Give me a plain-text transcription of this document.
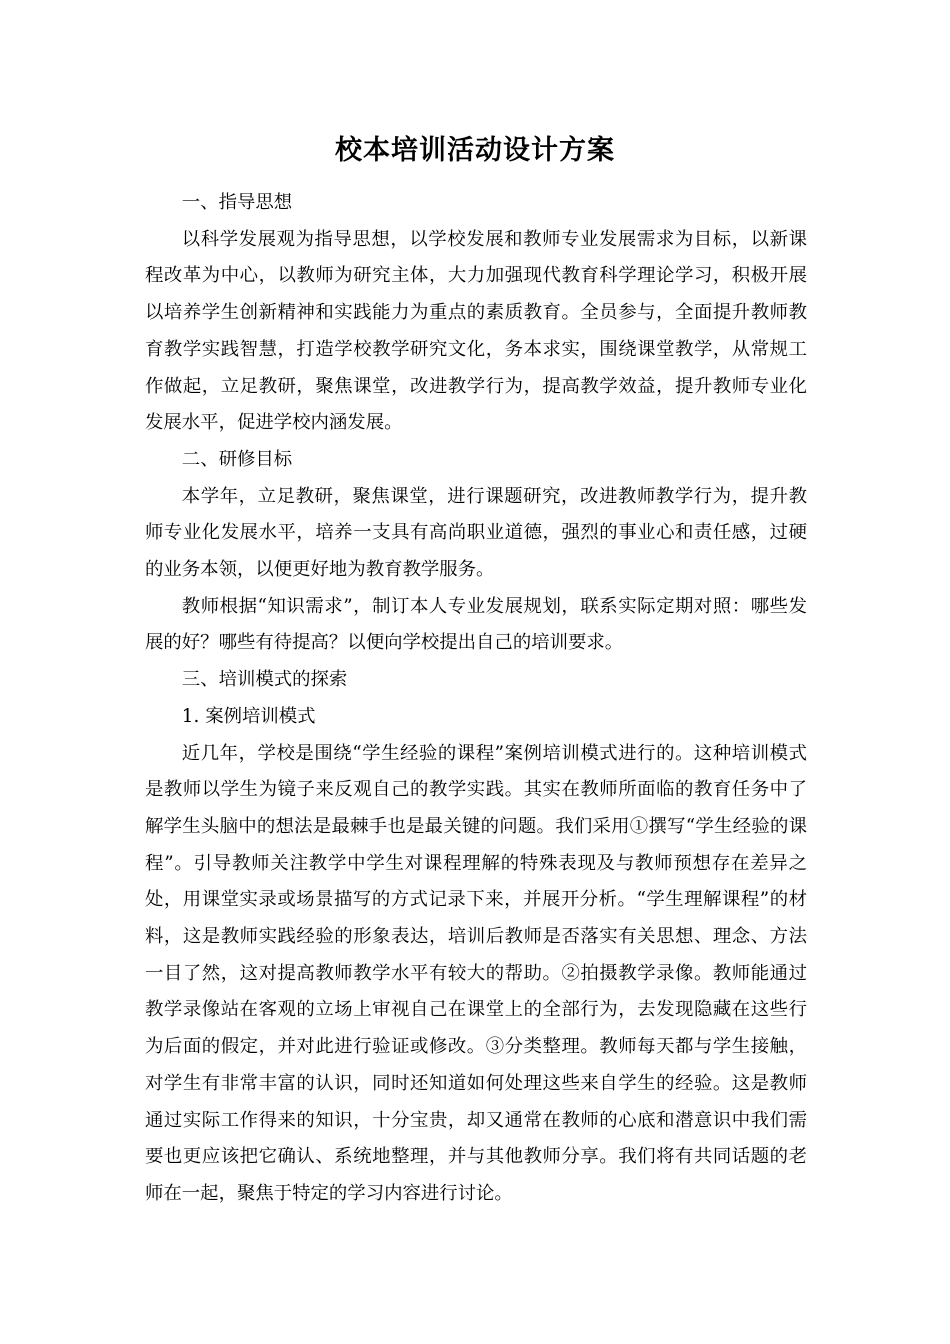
校本培训活动设计方案

一、指导思想

以科学发展观为指导思想，以学校发展和教师专业发展需求为目标，以新课程改革为中心，以教师为研究主体，大力加强现代教育科学理论学习，积极开展以培养学生创新精神和实践能力为重点的素质教育。全员参与，全面提升教师教育教学实践智慧，打造学校教学研究文化，务本求实，围绕课堂教学，从常规工作做起，立足教研，聚焦课堂，改进教学行为，提高教学效益，提升教师专业化发展水平，促进学校内涵发展。

二、研修目标

本学年，立足教研，聚焦课堂，进行课题研究，改进教师教学行为，提升教师专业化发展水平，培养一支具有高尚职业道德，强烈的事业心和责任感，过硬的业务本领，以便更好地为教育教学服务。

教师根据“知识需求”，制订本人专业发展规划，联系实际定期对照：哪些发展的好？哪些有待提高？以便向学校提出自己的培训要求。

三、培训模式的探索

1. 案例培训模式

近几年，学校是围绕“学生经验的课程”案例培训模式进行的。这种培训模式是教师以学生为镜子来反观自己的教学实践。其实在教师所面临的教育任务中了解学生头脑中的想法是最棘手也是最关键的问题。我们采用①撰写“学生经验的课程”。引导教师关注教学中学生对课程理解的特殊表现及与教师预想存在差异之处，用课堂实录或场景描写的方式记录下来，并展开分析。“学生理解课程”的材料，这是教师实践经验的形象表达，培训后教师是否落实有关思想、理念、方法一目了然，这对提高教师教学水平有较大的帮助。②拍摄教学录像。教师能通过教学录像站在客观的立场上审视自己在课堂上的全部行为，去发现隐藏在这些行为后面的假定，并对此进行验证或修改。③分类整理。教师每天都与学生接触，对学生有非常丰富的认识，同时还知道如何处理这些来自学生的经验。这是教师通过实际工作得来的知识，十分宝贵，却又通常在教师的心底和潜意识中我们需要也更应该把它确认、系统地整理，并与其他教师分享。我们将有共同话题的老师在一起，聚焦于特定的学习内容进行讨论。
